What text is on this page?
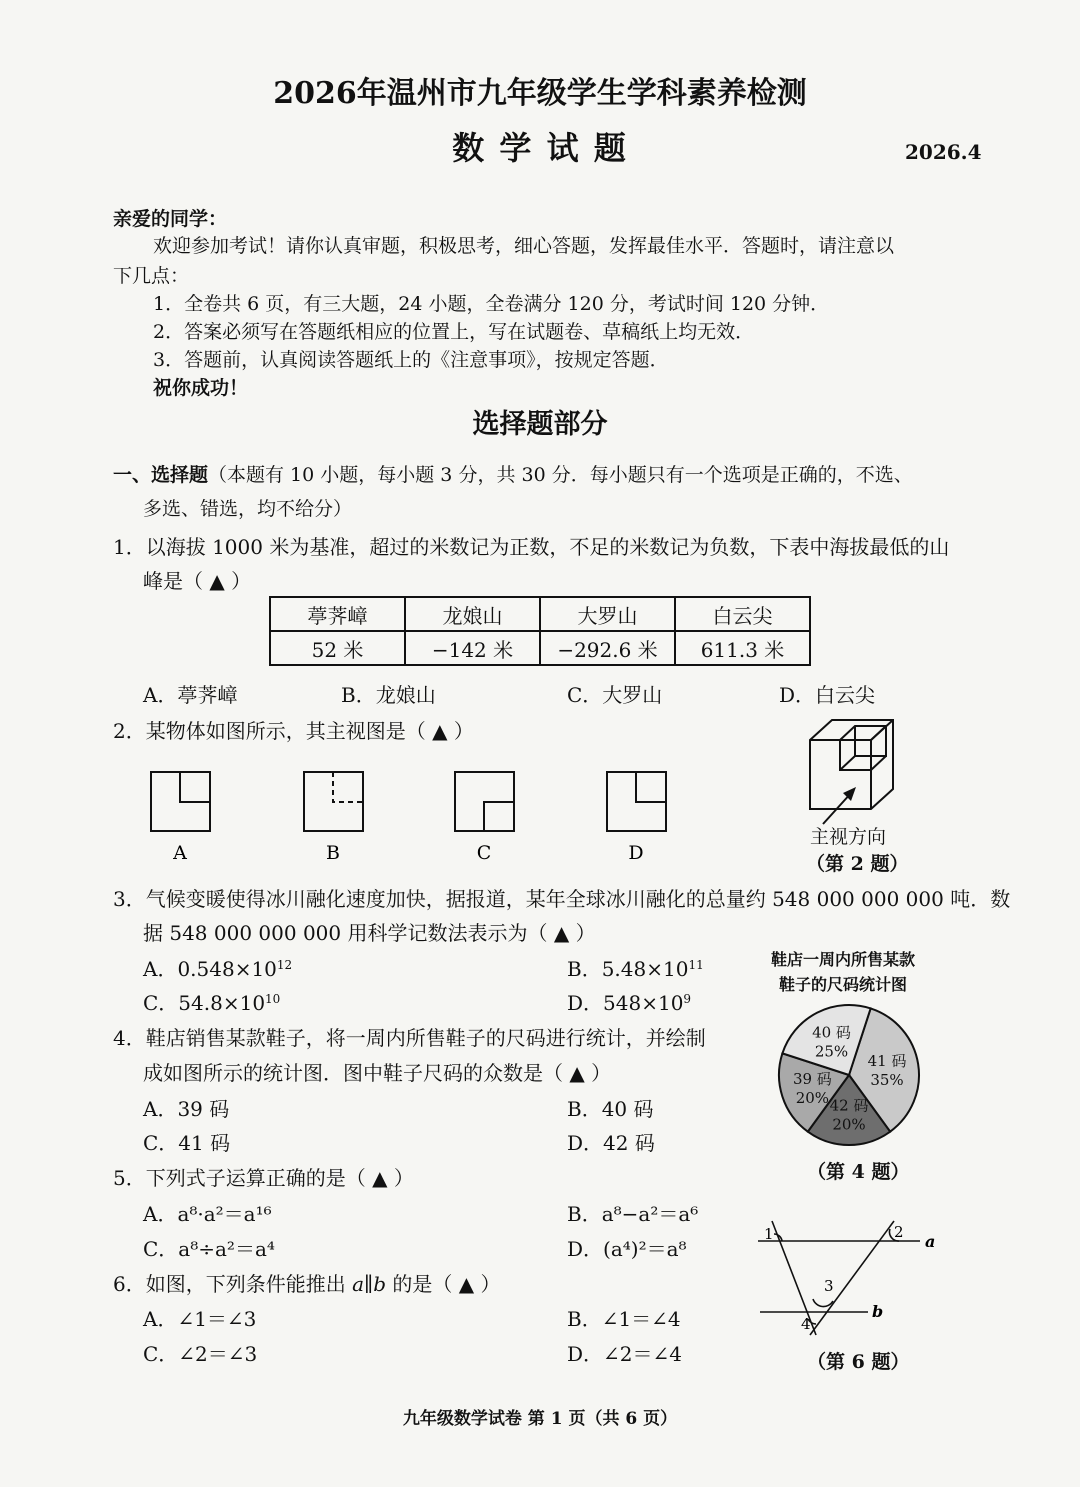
2026年温州市九年级学生学科素养检测
数 学 试 题	2026.4
亲爱的同学：
欢迎参加考试！请你认真审题，积极思考，细心答题，发挥最佳水平．答题时，请注意以
下几点：
1．全卷共 6 页，有三大题，24 小题，全卷满分 120 分，考试时间 120 分钟．
2．答案必须写在答题纸相应的位置上，写在试题卷、草稿纸上均无效．
3．答题前，认真阅读答题纸上的《注意事项》，按规定答题．
祝你成功！
选择题部分
一、选择题（本题有 10 小题，每小题 3 分，共 30 分．每小题只有一个选项是正确的，不选、
多选、错选，均不给分）
1．以海拔 1000 米为基准，超过的米数记为正数，不足的米数记为负数，下表中海拔最低的山
峰是（ ▲ ）
葶荠嶂	龙娘山	大罗山	白云尖
52 米	−142 米	−292.6 米	611.3 米
A．葶荠嶂	B．龙娘山	C．大罗山	D．白云尖
2．某物体如图所示，其主视图是（ ▲ ）
A	B	C	D
主视方向
（第 2 题）
3．气候变暖使得冰川融化速度加快，据报道，某年全球冰川融化的总量约 548 000 000 000 吨．数
据 548 000 000 000 用科学记数法表示为（ ▲ ）
A．$0.548\times 10^{12}$	B．$5.48\times 10^{11}$
C．$54.8\times 10^{10}$	D．$548\times 10^9$
4．鞋店销售某款鞋子，将一周内所售鞋子的尺码进行统计，并绘制
成如图所示的统计图．图中鞋子尺码的众数是（ ▲ ）
A．39 码	B．40 码
C．41 码	D．42 码
鞋店一周内所售某款
鞋子的尺码统计图
41 码
35%
42 码
20%
39 码
20%
40 码
25%
（第 4 题）
5．下列式子运算正确的是（ ▲ ）
A．a⁸·a²＝a¹⁶	B．a⁸−a²＝a⁶
C．a⁸÷a²＝a⁴	D．(a⁴)²＝a⁸
6．如图，下列条件能推出 a∥b 的是（ ▲ ）
A．∠1＝∠3	B．∠1＝∠4
C．∠2＝∠3	D．∠2＝∠4
1	2
3
4
a
b
（第 6 题）
九年级数学试卷 第 1 页（共 6 页）
